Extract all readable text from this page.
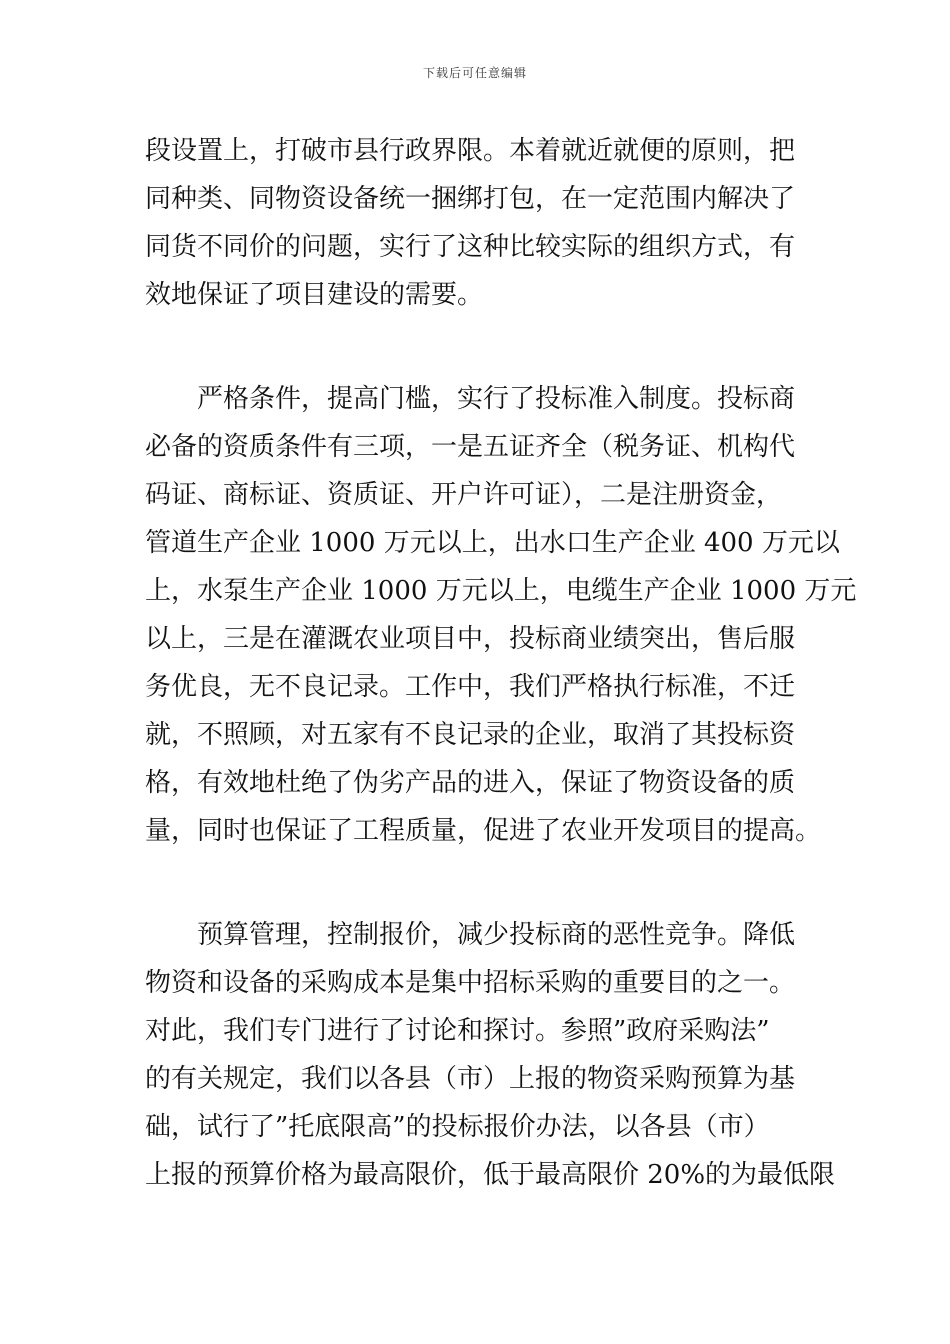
下载后可任意编辑
段设置上，打破市县行政界限。本着就近就便的原则，把
同种类、同物资设备统一捆绑打包，在一定范围内解决了
同货不同价的问题，实行了这种比较实际的组织方式，有
效地保证了项目建设的需要。
严格条件，提高门槛，实行了投标准入制度。投标商
必备的资质条件有三项，一是五证齐全（税务证、机构代
码证、商标证、资质证、开户许可证），二是注册资金，
管道生产企业 1000 万元以上，出水口生产企业 400 万元以
上，水泵生产企业 1000 万元以上，电缆生产企业 1000 万元
以上，三是在灌溉农业项目中，投标商业绩突出，售后服
务优良，无不良记录。工作中，我们严格执行标准，不迁
就，不照顾，对五家有不良记录的企业，取消了其投标资
格，有效地杜绝了伪劣产品的进入，保证了物资设备的质
量，同时也保证了工程质量，促进了农业开发项目的提高。
预算管理，控制报价，减少投标商的恶性竞争。降低
物资和设备的采购成本是集中招标采购的重要目的之一。
对此，我们专门进行了讨论和探讨。参照”政府采购法”
的有关规定，我们以各县（市）上报的物资采购预算为基
础，试行了”托底限高”的投标报价办法，以各县（市）
上报的预算价格为最高限价，低于最高限价 20%的为最低限
